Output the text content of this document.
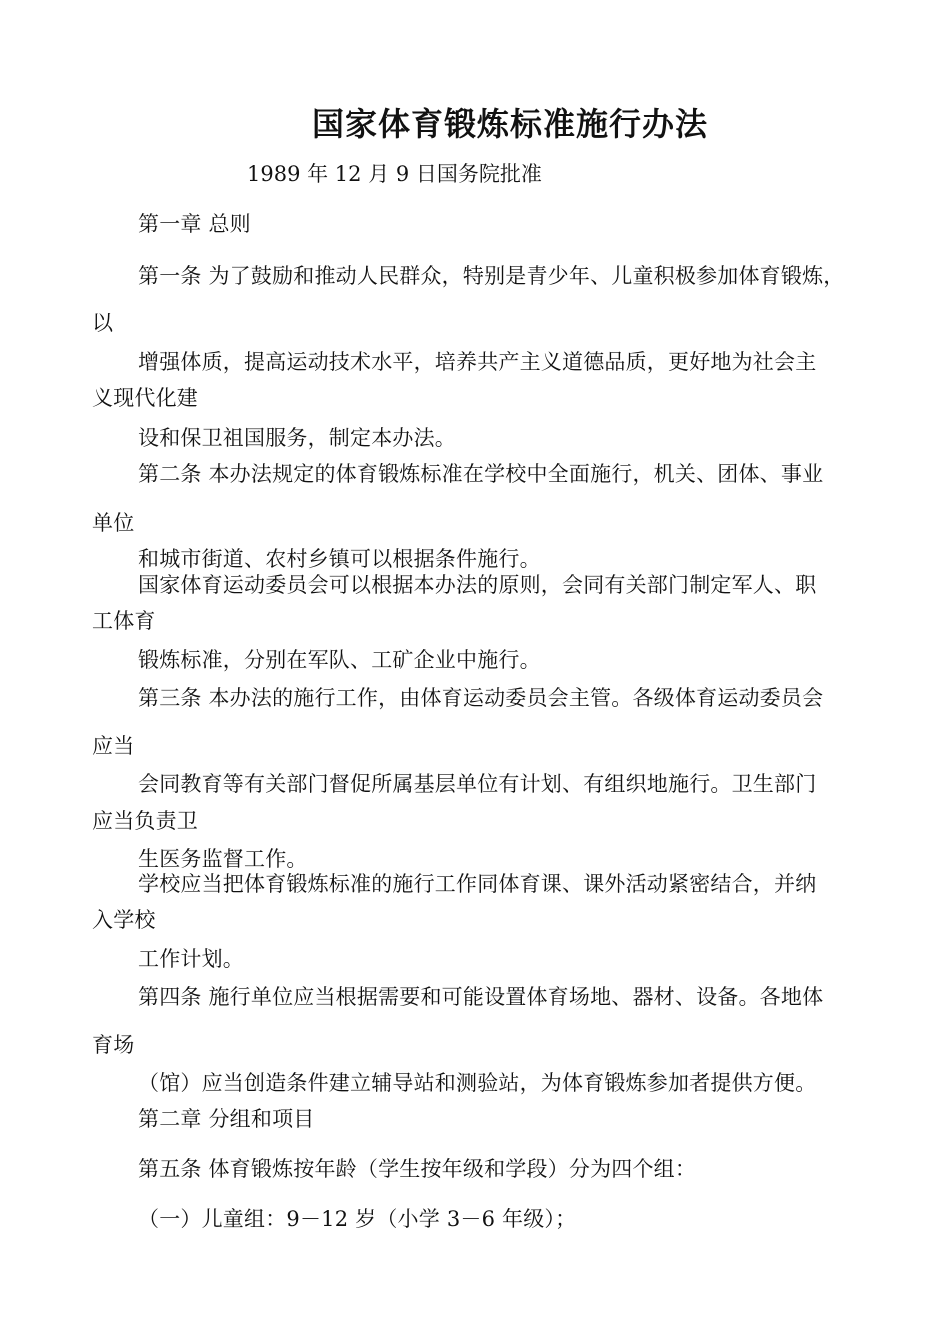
国家体育锻炼标准施行办法
1989 年 12 月 9 日国务院批准
第一章 总则
第一条 为了鼓励和推动人民群众，特别是青少年、儿童积极参加体育锻炼，
以
增强体质，提高运动技术水平，培养共产主义道德品质，更好地为社会主
义现代化建
设和保卫祖国服务，制定本办法。
第二条 本办法规定的体育锻炼标准在学校中全面施行，机关、团体、事业
单位
和城市街道、农村乡镇可以根据条件施行。
国家体育运动委员会可以根据本办法的原则，会同有关部门制定军人、职
工体育
锻炼标准，分别在军队、工矿企业中施行。
第三条 本办法的施行工作，由体育运动委员会主管。各级体育运动委员会
应当
会同教育等有关部门督促所属基层单位有计划、有组织地施行。卫生部门
应当负责卫
生医务监督工作。
学校应当把体育锻炼标准的施行工作同体育课、课外活动紧密结合，并纳
入学校
工作计划。
第四条 施行单位应当根据需要和可能设置体育场地、器材、设备。各地体
育场
（馆）应当创造条件建立辅导站和测验站，为体育锻炼参加者提供方便。
第二章 分组和项目
第五条 体育锻炼按年龄（学生按年级和学段）分为四个组：
（一）儿童组：9－12 岁（小学 3－6 年级）；
